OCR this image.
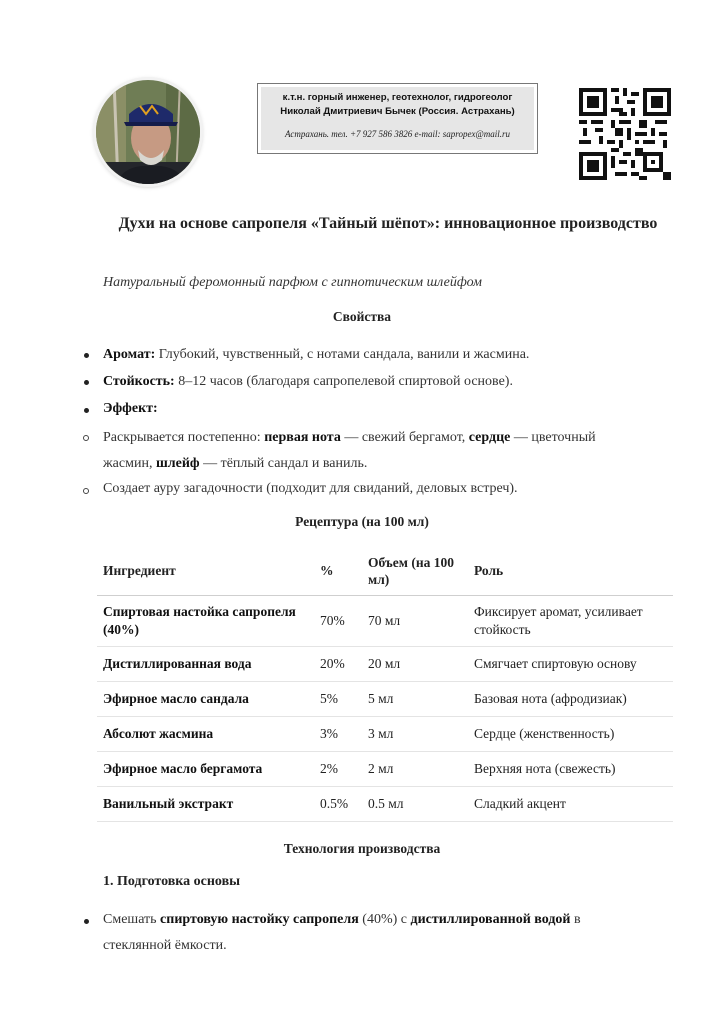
к.т.н. горный инженер, геотехнолог, гидрогеолог
Николай Дмитриевич Бычек (Россия. Астрахань)
Астрахань. тел. +7 927 586 3826 e-mail: sapropex@mail.ru
Духи на основе сапропеля «Тайный шёпот»: инновационное производство
Натуральный феромонный парфюм с гипнотическим шлейфом
Свойства
Аромат: Глубокий, чувственный, с нотами сандала, ванили и жасмина.
Стойкость: 8–12 часов (благодаря сапропелевой спиртовой основе).
Эффект:
Раскрывается постепенно: первая нота — свежий бергамот, сердце — цветочный
жасмин, шлейф — тёплый сандал и ваниль.
Создает ауру загадочности (подходит для свиданий, деловых встреч).
Рецептура (на 100 мл)
Ингредиент	%	Объем (на 100 мл)	Роль
Спиртовая настойка сапропеля (40%)	70%	70 мл	Фиксирует аромат, усиливает стойкость
Дистиллированная вода	20%	20 мл	Смягчает спиртовую основу
Эфирное масло сандала	5%	5 мл	Базовая нота (афродизиак)
Абсолют жасмина	3%	3 мл	Сердце (женственность)
Эфирное масло бергамота	2%	2 мл	Верхняя нота (свежесть)
Ванильный экстракт	0.5%	0.5 мл	Сладкий акцент
Технология производства
1. Подготовка основы
Смешать спиртовую настойку сапропеля (40%) с дистиллированной водой в
стеклянной ёмкости.
